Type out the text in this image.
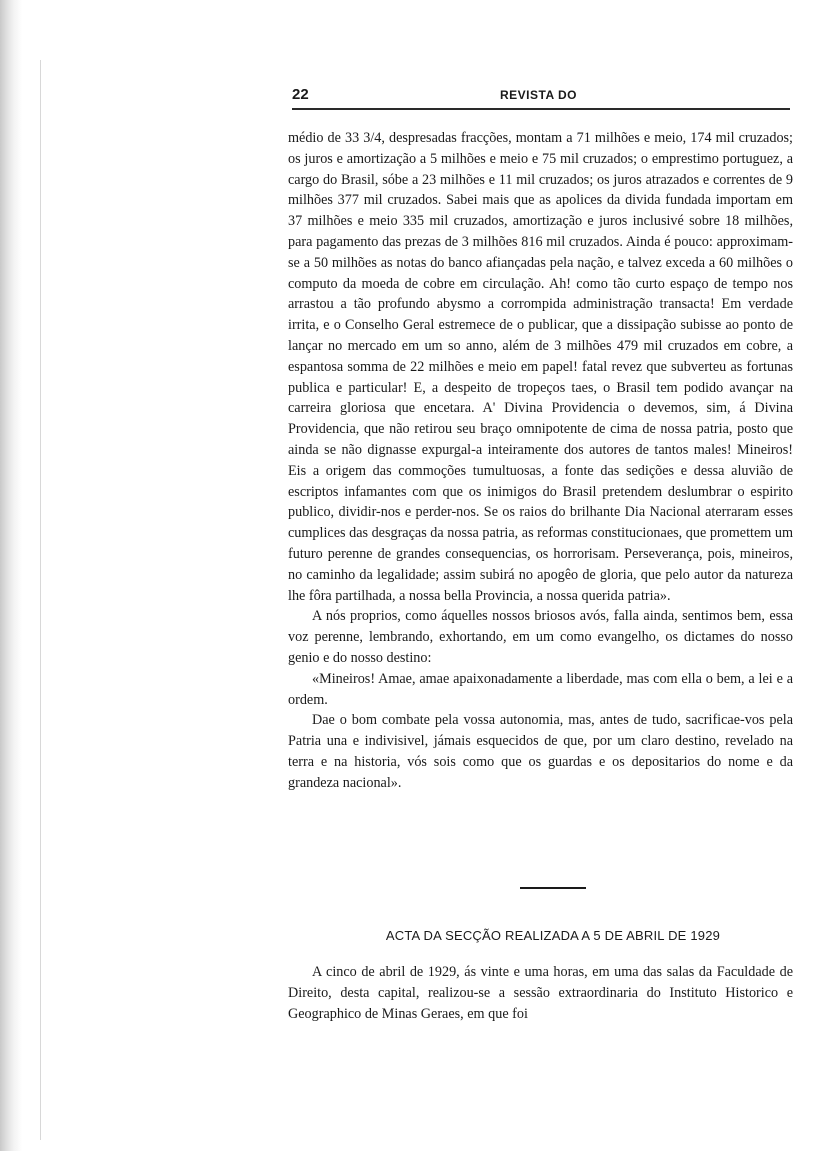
22	REVISTA DO

médio de 33 3/4, despresadas fracções, montam a 71 milhões e meio, 174 mil cruzados; os juros e amortização a 5 milhões e meio e 75 mil cruzados; o emprestimo portuguez, a cargo do Brasil, sóbe a 23 milhões e 11 mil cruzados; os juros atrazados e correntes de 9 milhões 377 mil cruzados. Sabei mais que as apolices da divida fundada importam em 37 milhões e meio 335 mil cruzados, amortização e juros inclusivé sobre 18 milhões, para pagamento das prezas de 3 milhões 816 mil cruzados. Ainda é pouco: approximam-se a 50 milhões as notas do banco afiançadas pela nação, e talvez exceda a 60 milhões o computo da moeda de cobre em circulação. Ah! como tão curto espaço de tempo nos arrastou a tão profundo abysmo a corrompida administração transacta! Em verdade irrita, e o Conselho Geral estremece de o publicar, que a dissipação subisse ao ponto de lançar no mercado em um so anno, além de 3 milhões 479 mil cruzados em cobre, a espantosa somma de 22 milhões e meio em papel! fatal revez que subverteu as fortunas publica e particular! E, a despeito de tropeços taes, o Brasil tem podido avançar na carreira gloriosa que encetara. A' Divina Providencia o devemos, sim, á Divina Providencia, que não retirou seu braço omnipotente de cima de nossa patria, posto que ainda se não dignasse expurgal-a inteiramente dos autores de tantos males! Mineiros! Eis a origem das commoções tumultuosas, a fonte das sedições e dessa aluvião de escriptos infamantes com que os inimigos do Brasil pretendem deslumbrar o espirito publico, dividir-nos e perder-nos. Se os raios do brilhante Dia Nacional aterraram esses cumplices das desgraças da nossa patria, as reformas constitucionaes, que promettem um futuro perenne de grandes consequencias, os horrorisam. Perseverança, pois, mineiros, no caminho da legalidade; assim subirá no apogêo de gloria, que pelo autor da natureza lhe fôra partilhada, a nossa bella Provincia, a nossa querida patria».

A nós proprios, como áquelles nossos briosos avós, falla ainda, sentimos bem, essa voz perenne, lembrando, exhortando, em um como evangelho, os dictames do nosso genio e do nosso destino:

«Mineiros! Amae, amae apaixonadamente a liberdade, mas com ella o bem, a lei e a ordem.

Dae o bom combate pela vossa autonomia, mas, antes de tudo, sacrificae-vos pela Patria una e indivisivel, jámais esquecidos de que, por um claro destino, revelado na terra e na historia, vós sois como que os guardas e os depositarios do nome e da grandeza nacional».

ACTA DA SECÇÃO REALIZADA A 5 DE ABRIL DE 1929

A cinco de abril de 1929, ás vinte e uma horas, em uma das salas da Faculdade de Direito, desta capital, realizou-se a sessão extraordinaria do Instituto Historico e Geographico de Minas Geraes, em que foi
